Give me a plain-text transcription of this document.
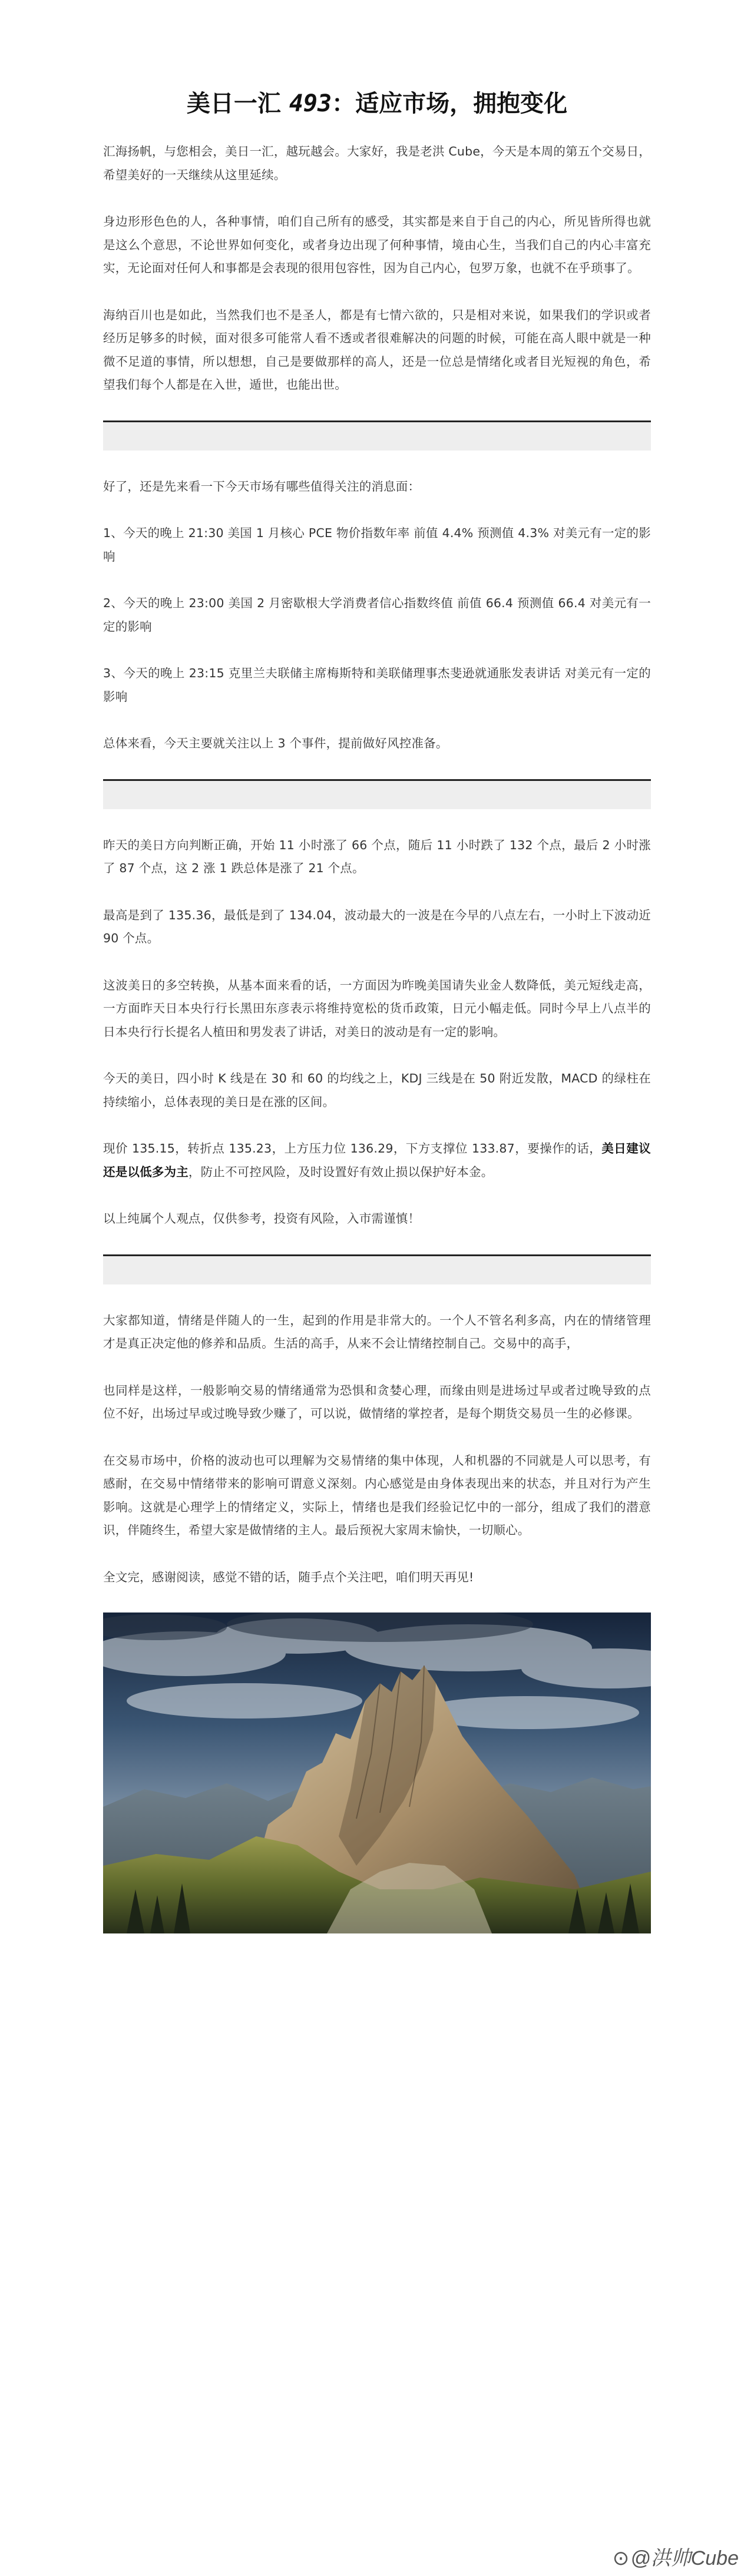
美日一汇 493：适应市场，拥抱变化

汇海扬帆，与您相会，美日一汇，越玩越会。大家好，我是老洪 Cube，今天是本周的第五个交易日，希望美好的一天继续从这里延续。

身边形形色色的人，各种事情，咱们自己所有的感受，其实都是来自于自己的内心，所见皆所得也就是这么个意思，不论世界如何变化，或者身边出现了何种事情，境由心生，当我们自己的内心丰富充实，无论面对任何人和事都是会表现的很用包容性，因为自己内心，包罗万象，也就不在乎琐事了。

海纳百川也是如此，当然我们也不是圣人，都是有七情六欲的，只是相对来说，如果我们的学识或者经历足够多的时候，面对很多可能常人看不透或者很难解决的问题的时候，可能在高人眼中就是一种微不足道的事情，所以想想，自己是要做那样的高人，还是一位总是情绪化或者目光短视的角色，希望我们每个人都是在入世，遁世，也能出世。

好了，还是先来看一下今天市场有哪些值得关注的消息面：

1、今天的晚上 21:30 美国 1 月核心 PCE 物价指数年率 前值 4.4% 预测值 4.3% 对美元有一定的影响

2、今天的晚上 23:00 美国 2 月密歇根大学消费者信心指数终值 前值 66.4 预测值 66.4 对美元有一定的影响

3、今天的晚上 23:15 克里兰夫联储主席梅斯特和美联储理事杰斐逊就通胀发表讲话 对美元有一定的影响

总体来看，今天主要就关注以上 3 个事件，提前做好风控准备。

昨天的美日方向判断正确，开始 11 小时涨了 66 个点，随后 11 小时跌了 132 个点，最后 2 小时涨了 87 个点，这 2 涨 1 跌总体是涨了 21 个点。

最高是到了 135.36，最低是到了 134.04，波动最大的一波是在今早的八点左右，一小时上下波动近 90 个点。

这波美日的多空转换，从基本面来看的话，一方面因为昨晚美国请失业金人数降低，美元短线走高，一方面昨天日本央行行长黑田东彦表示将维持宽松的货币政策，日元小幅走低。同时今早上八点半的日本央行行长提名人植田和男发表了讲话，对美日的波动是有一定的影响。

今天的美日，四小时 K 线是在 30 和 60 的均线之上，KDJ 三线是在 50 附近发散，MACD 的绿柱在持续缩小，总体表现的美日是在涨的区间。

现价 135.15，转折点 135.23，上方压力位 136.29，下方支撑位 133.87，要操作的话，美日建议还是以低多为主，防止不可控风险，及时设置好有效止损以保护好本金。

以上纯属个人观点，仅供参考，投资有风险，入市需谨慎！

大家都知道，情绪是伴随人的一生，起到的作用是非常大的。一个人不管名利多高，内在的情绪管理才是真正决定他的修养和品质。生活的高手，从来不会让情绪控制自己。交易中的高手，

也同样是这样，一般影响交易的情绪通常为恐惧和贪婪心理，而缘由则是进场过早或者过晚导致的点位不好，出场过早或过晚导致少赚了，可以说，做情绪的掌控者，是每个期货交易员一生的必修课。

在交易市场中，价格的波动也可以理解为交易情绪的集中体现，人和机器的不同就是人可以思考，有感耐，在交易中情绪带来的影响可谓意义深刻。内心感觉是由身体表现出来的状态，并且对行为产生影响。这就是心理学上的情绪定义，实际上，情绪也是我们经验记忆中的一部分，组成了我们的潜意识，伴随终生，希望大家是做情绪的主人。最后预祝大家周末愉快，一切顺心。

全文完，感谢阅读，感觉不错的话，随手点个关注吧，咱们明天再见!

⊙@洪帅Cube
